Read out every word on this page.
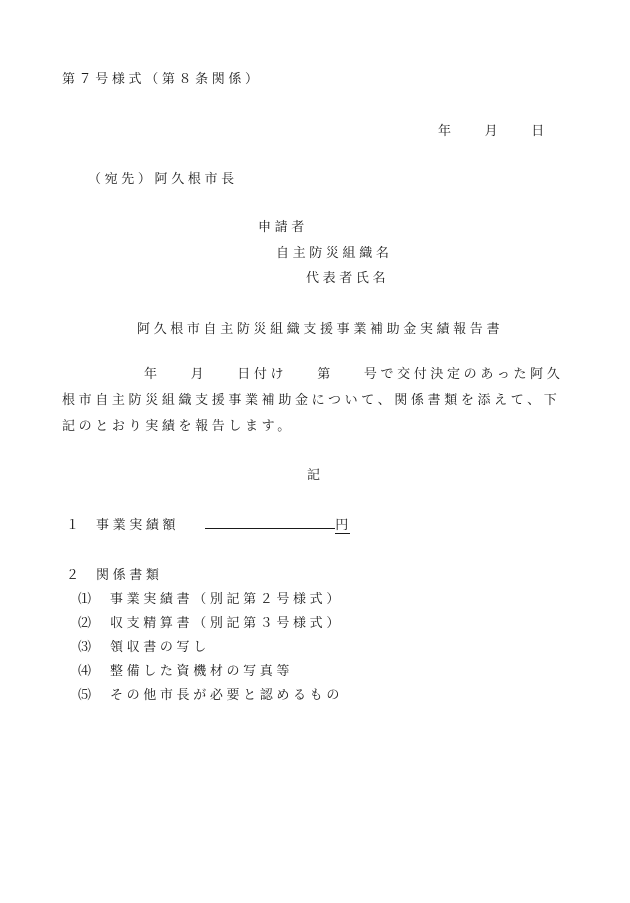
第７号様式（第８条関係）
年 月 日
（宛先）阿久根市長
申請者
自主防災組織名
代表者氏名
阿久根市自主防災組織支援事業補助金実績報告書
年 月 日付け 第 号で交付決定のあった阿久根市自主防災組織支援事業補助金について、関係書類を添えて、下記のとおり実績を報告します。
記
１ 事業実績額	円
２ 関係書類
⑴ 事業実績書（別記第２号様式）
⑵ 収支精算書（別記第３号様式）
⑶ 領収書の写し
⑷ 整備した資機材の写真等
⑸ その他市長が必要と認めるもの
